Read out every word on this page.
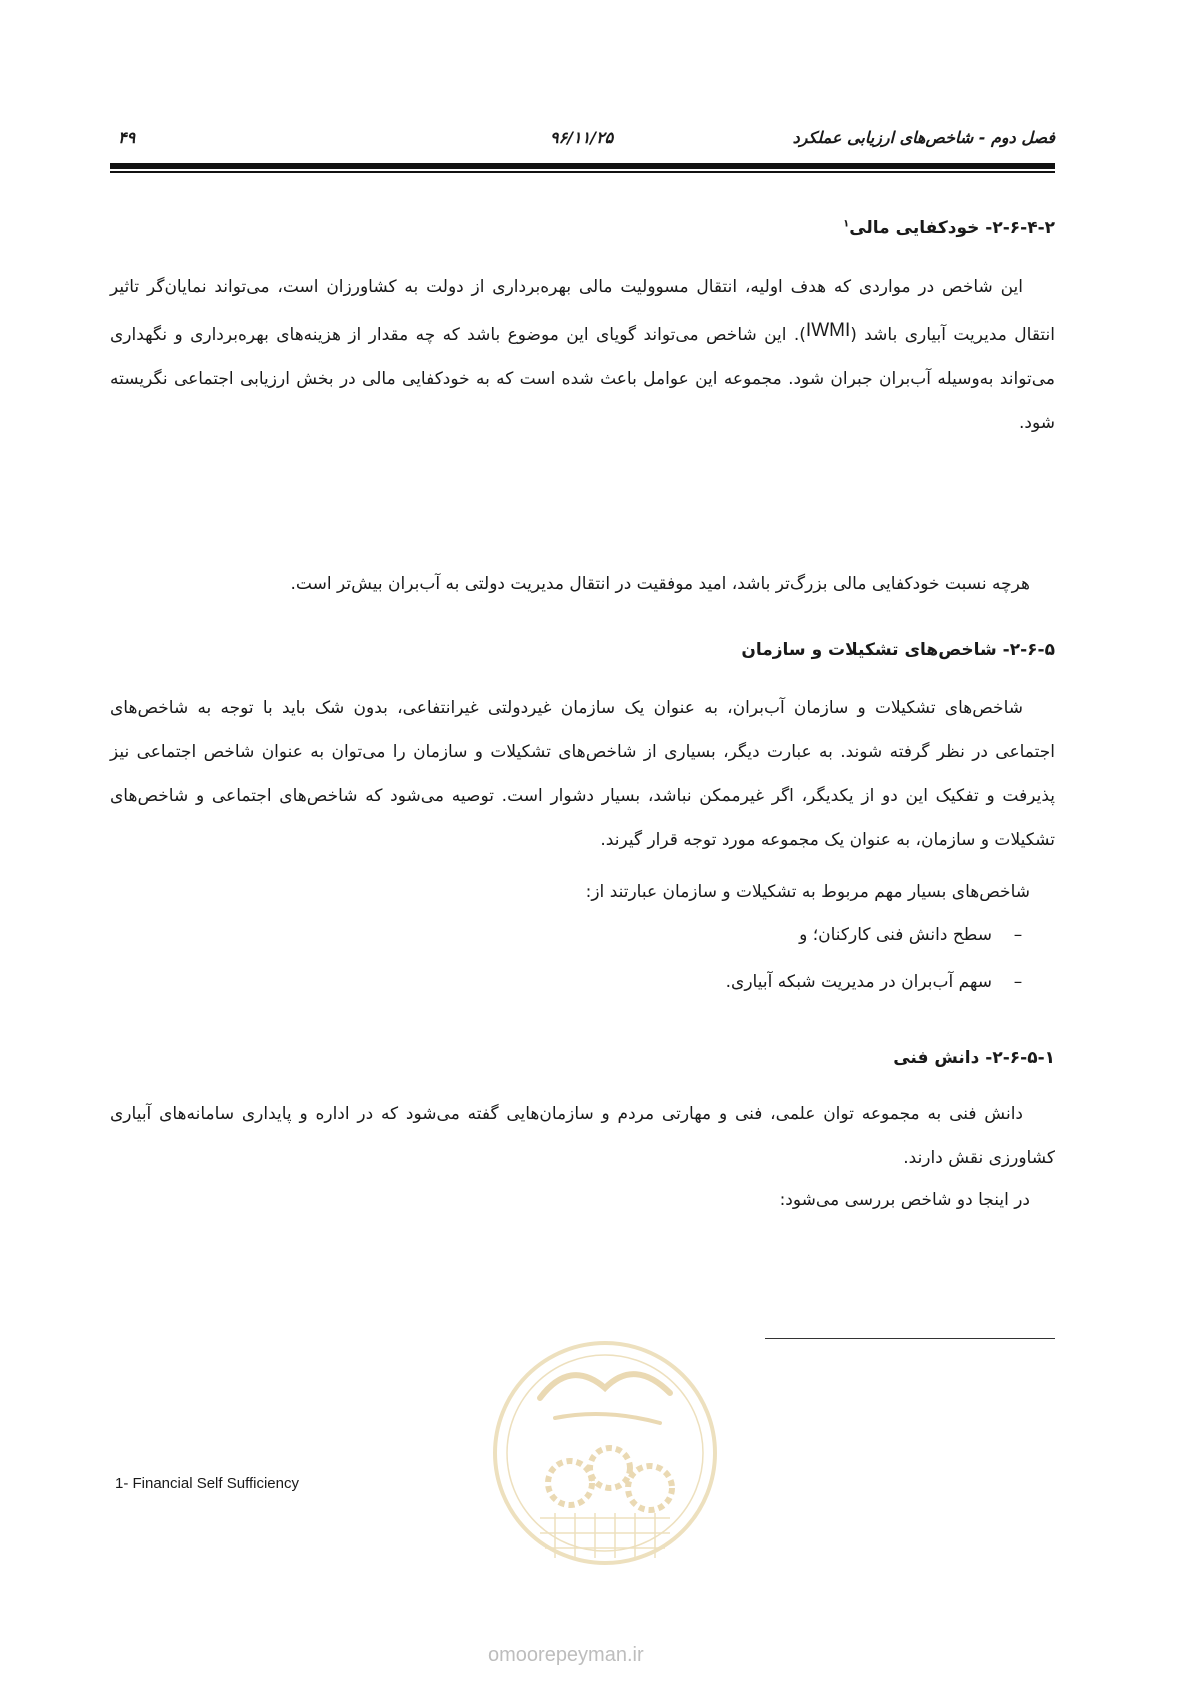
۴۹	۹۶/۱۱/۲۵	فصل دوم - شاخص‌های ارزیابی عملکرد
۲-۶-۴-۲- خودکفایی مالی$^۱$
این شاخص در مواردی که هدف اولیه، انتقال مسوولیت مالی بهره‌برداری از دولت به کشاورزان است، می‌تواند نمایان‌گر تاثیر انتقال مدیریت آبیاری باشد (IWMI). این شاخص می‌تواند گویای این موضوع باشد که چه مقدار از هزینه‌های بهره‌برداری و نگهداری می‌تواند به‌وسیله آب‌بران جبران شود. مجموعه این عوامل باعث شده است که به خودکفایی مالی در بخش ارزیابی اجتماعی نگریسته شود.
هرچه نسبت خودکفایی مالی بزرگ‌تر باشد، امید موفقیت در انتقال مدیریت دولتی به آب‌بران بیش‌تر است.
۲-۶-۵- شاخص‌های تشکیلات و سازمان
شاخص‌های تشکیلات و سازمان آب‌بران، به عنوان یک سازمان غیردولتی غیرانتفاعی، بدون شک باید با توجه به شاخص‌های اجتماعی در نظر گرفته شوند. به عبارت دیگر، بسیاری از شاخص‌های تشکیلات و سازمان را می‌توان به عنوان شاخص اجتماعی نیز پذیرفت و تفکیک این دو از یکدیگر، اگر غیرممکن نباشد، بسیار دشوار است. توصیه می‌شود که شاخص‌های اجتماعی و شاخص‌های تشکیلات و سازمان، به عنوان یک مجموعه مورد توجه قرار گیرند.
شاخص‌های بسیار مهم مربوط به تشکیلات و سازمان عبارتند از:
–سطح دانش فنی کارکنان؛ و
–سهم آب‌بران در مدیریت شبکه آبیاری.
۲-۶-۵-۱- دانش فنی
دانش فنی به مجموعه توان علمی، فنی و مهارتی مردم و سازمان‌هایی گفته می‌شود که در اداره و پایداری سامانه‌های آبیاری کشاورزی نقش دارند.
در اینجا دو شاخص بررسی می‌شود:
1- Financial Self Sufficiency
omoorepeyman.ir
